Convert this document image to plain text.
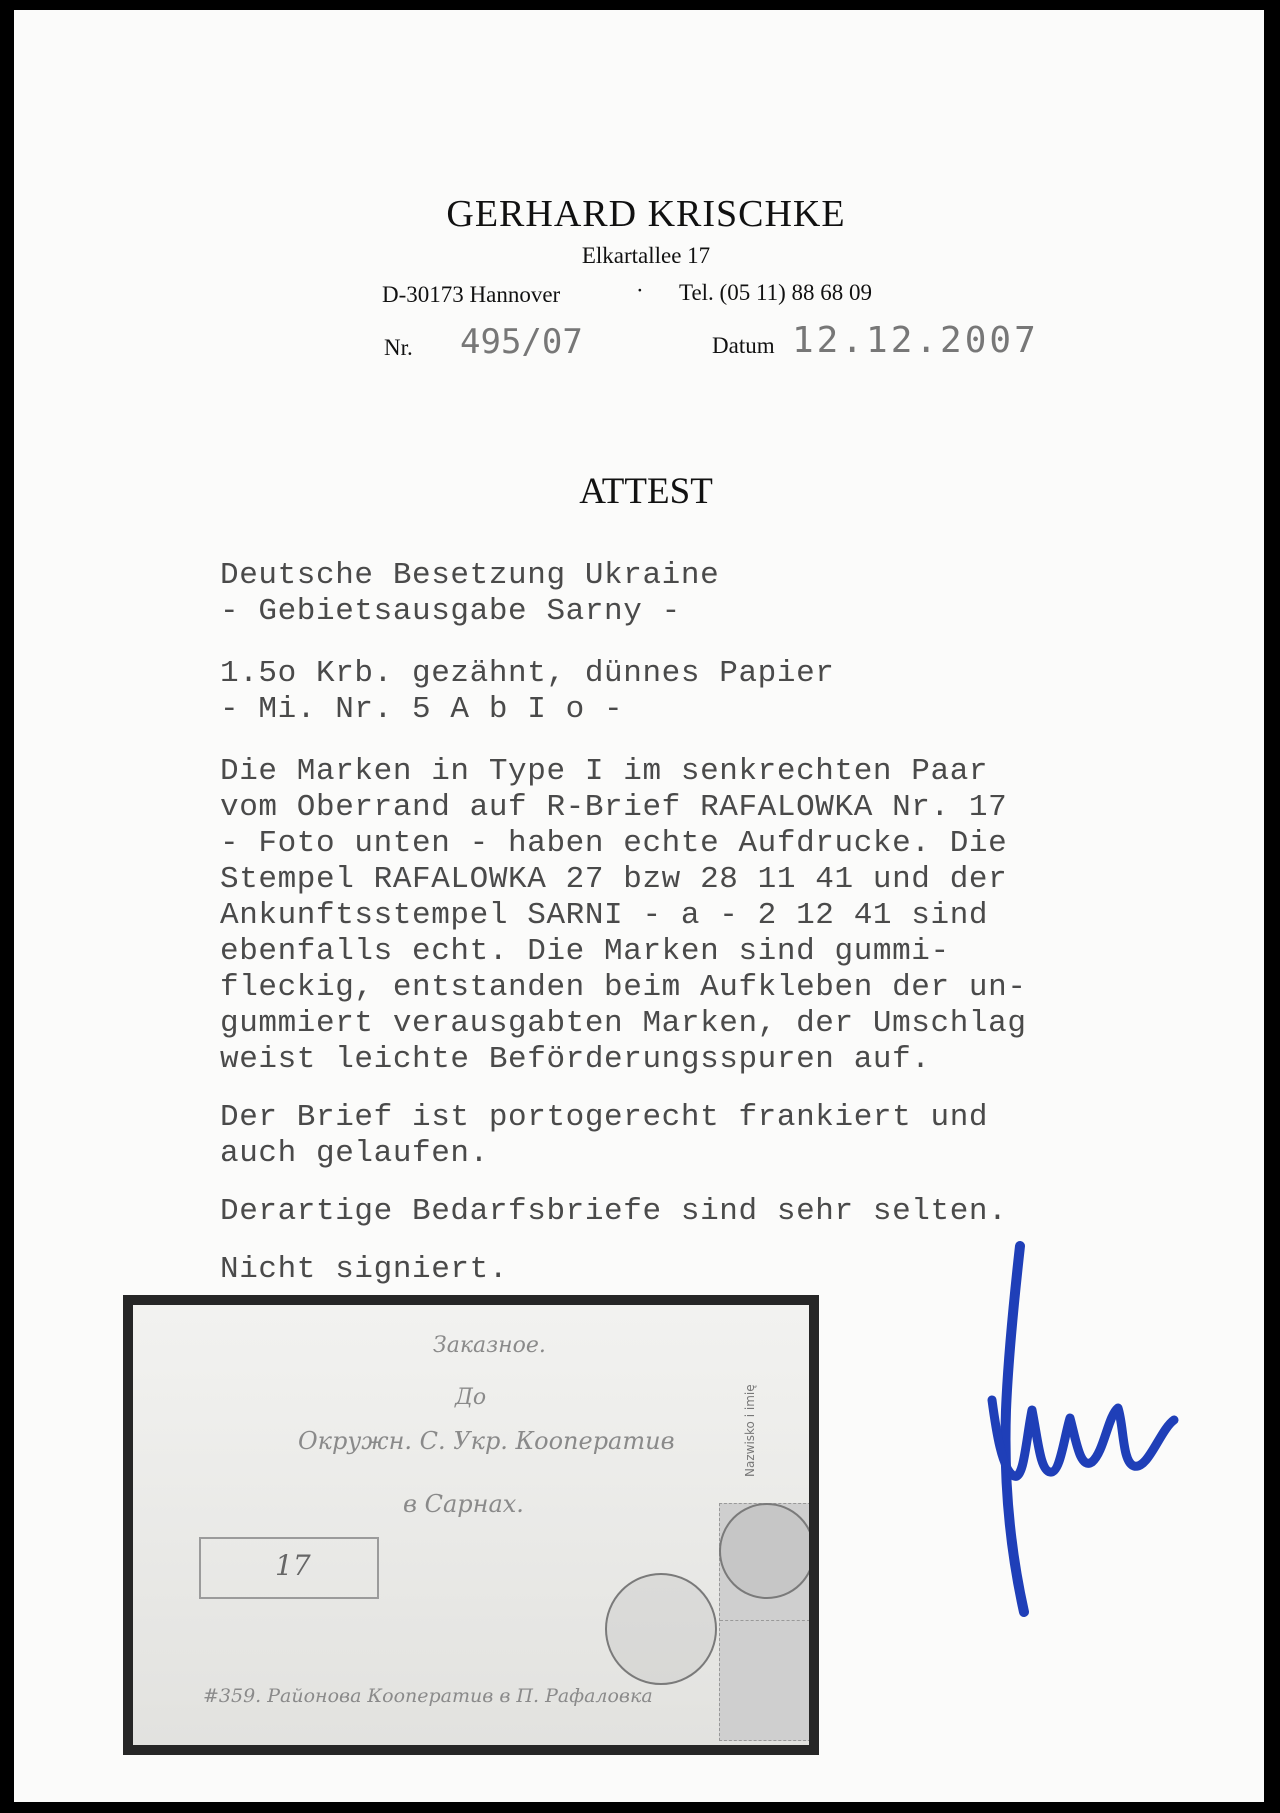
GERHARD KRISCHKE
Elkartallee 17
D-30173 Hannover	· Tel. (05 11) 88 68 09
Nr. 495/07	Datum 12.12.2007
ATTEST
Deutsche Besetzung Ukraine
- Gebietsausgabe Sarny -
1.5o Krb. gezähnt, dünnes Papier
- Mi. Nr. 5 A b I o -
Die Marken in Type I im senkrechten Paar
vom Oberrand auf R-Brief RAFALOWKA Nr. 17
- Foto unten - haben echte Aufdrucke. Die
Stempel RAFALOWKA 27 bzw 28 11 41 und der
Ankunftsstempel SARNI - a - 2 12 41 sind
ebenfalls echt. Die Marken sind gummi-
fleckig, entstanden beim Aufkleben der un-
gummiert verausgabten Marken, der Umschlag
weist leichte Beförderungsspuren auf.
Der Brief ist portogerecht frankiert und
auch gelaufen.
Derartige Bedarfsbriefe sind sehr selten.
Nicht signiert.
Заказное.
До
Окружн. С. Укр. Кооператив
в Сарнах.
17
#359. Районова Кооператив в П. Рафаловка
Nazwisko i imię
